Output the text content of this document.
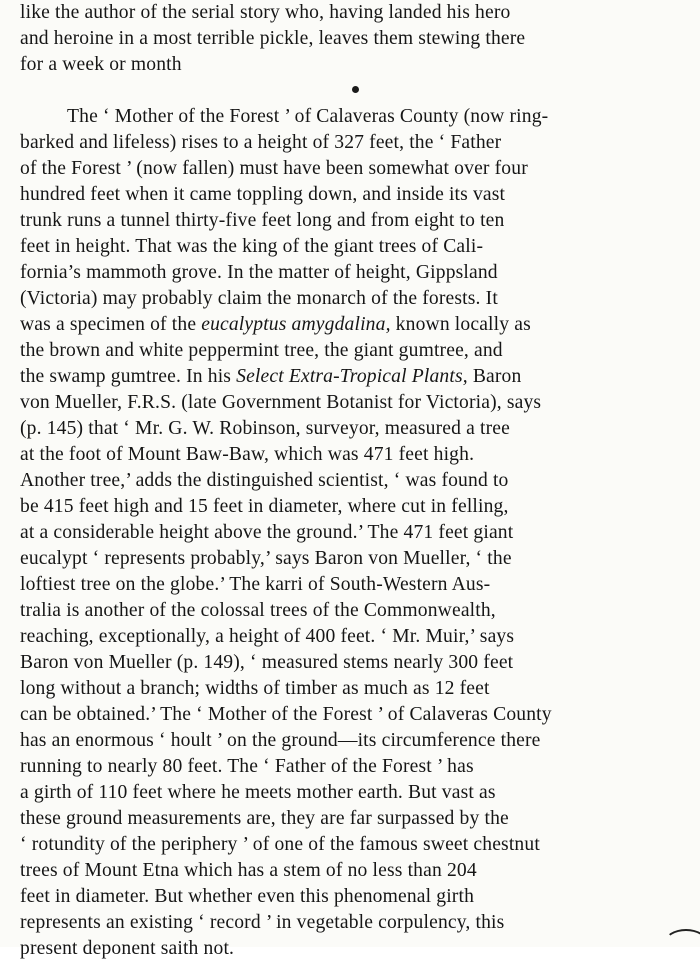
like the author of the serial story who, having landed his hero
and heroine in a most terrible pickle, leaves them stewing there
for a week or month
The ‘ Mother of the Forest ’ of Calaveras County (now ring-
barked and lifeless) rises to a height of 327 feet, the ‘ Father
of the Forest ’ (now fallen) must have been somewhat over four
hundred feet when it came toppling down, and inside its vast
trunk runs a tunnel thirty-five feet long and from eight to ten
feet in height. That was the king of the giant trees of Cali-
fornia’s mammoth grove. In the matter of height, Gippsland
(Victoria) may probably claim the monarch of the forests. It
was a specimen of the eucalyptus amygdalina, known locally as
the brown and white peppermint tree, the giant gumtree, and
the swamp gumtree. In his Select Extra-Tropical Plants, Baron
von Mueller, F.R.S. (late Government Botanist for Victoria), says
(p. 145) that ‘ Mr. G. W. Robinson, surveyor, measured a tree
at the foot of Mount Baw-Baw, which was 471 feet high.
Another tree,’ adds the distinguished scientist, ‘ was found to
be 415 feet high and 15 feet in diameter, where cut in felling,
at a considerable height above the ground.’ The 471 feet giant
eucalypt ‘ represents probably,’ says Baron von Mueller, ‘ the
loftiest tree on the globe.’ The karri of South-Western Aus-
tralia is another of the colossal trees of the Commonwealth,
reaching, exceptionally, a height of 400 feet. ‘ Mr. Muir,’ says
Baron von Mueller (p. 149), ‘ measured stems nearly 300 feet
long without a branch; widths of timber as much as 12 feet
can be obtained.’ The ‘ Mother of the Forest ’ of Calaveras County
has an enormous ‘ hoult ’ on the ground—its circumference there
running to nearly 80 feet. The ‘ Father of the Forest ’ has
a girth of 110 feet where he meets mother earth. But vast as
these ground measurements are, they are far surpassed by the
‘ rotundity of the periphery ’ of one of the famous sweet chestnut
trees of Mount Etna which has a stem of no less than 204
feet in diameter. But whether even this phenomenal girth
represents an existing ‘ record ’ in vegetable corpulency, this
present deponent saith not.
